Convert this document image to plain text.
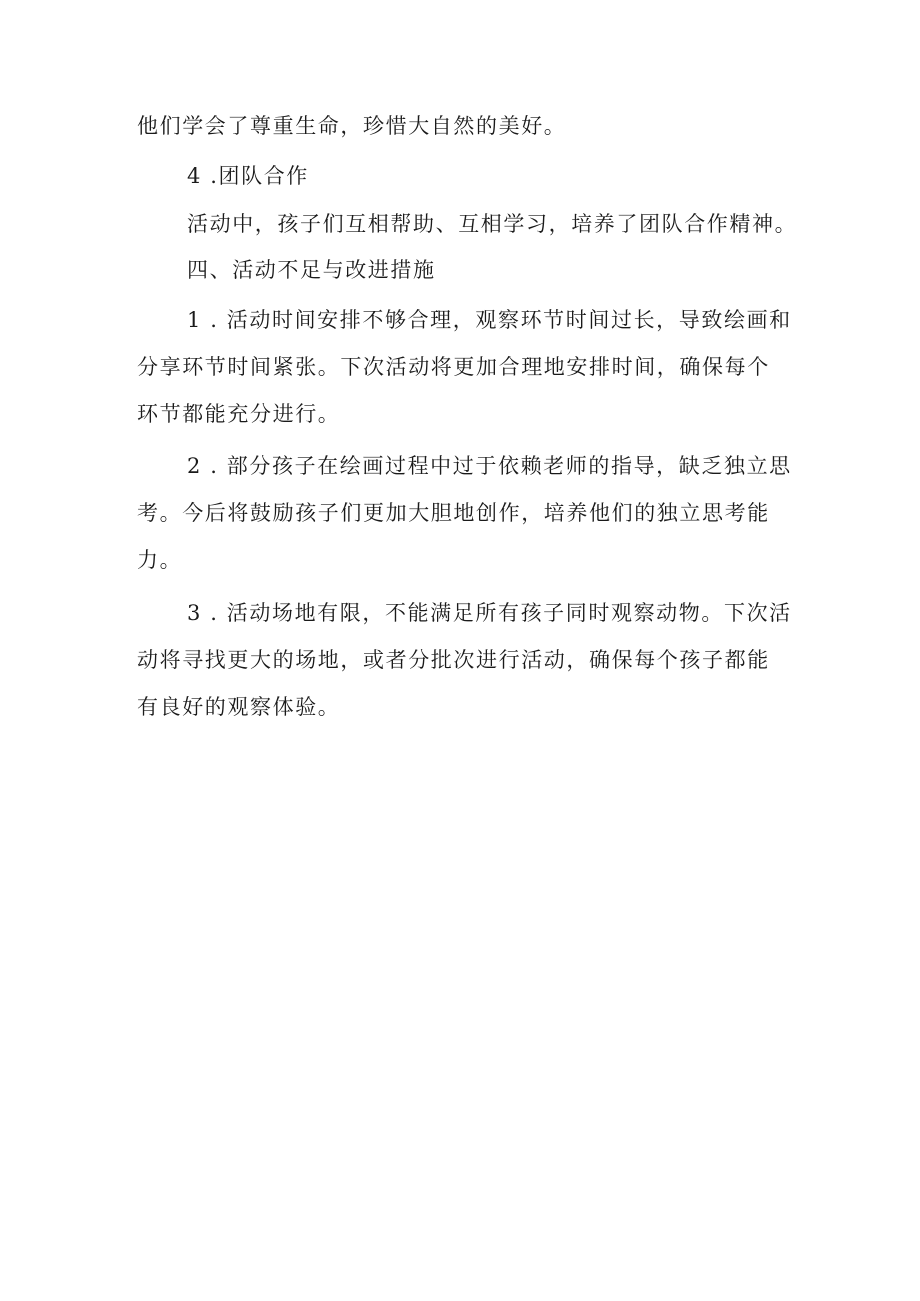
他们学会了尊重生命，珍惜大自然的美好。
4 .团队合作
活动中，孩子们互相帮助、互相学习，培养了团队合作精神。
四、活动不足与改进措施
1 . 活动时间安排不够合理，观察环节时间过长，导致绘画和
分享环节时间紧张。下次活动将更加合理地安排时间，确保每个
环节都能充分进行。
2 . 部分孩子在绘画过程中过于依赖老师的指导，缺乏独立思
考。今后将鼓励孩子们更加大胆地创作，培养他们的独立思考能
力。
3 . 活动场地有限，不能满足所有孩子同时观察动物。下次活
动将寻找更大的场地，或者分批次进行活动，确保每个孩子都能
有良好的观察体验。
